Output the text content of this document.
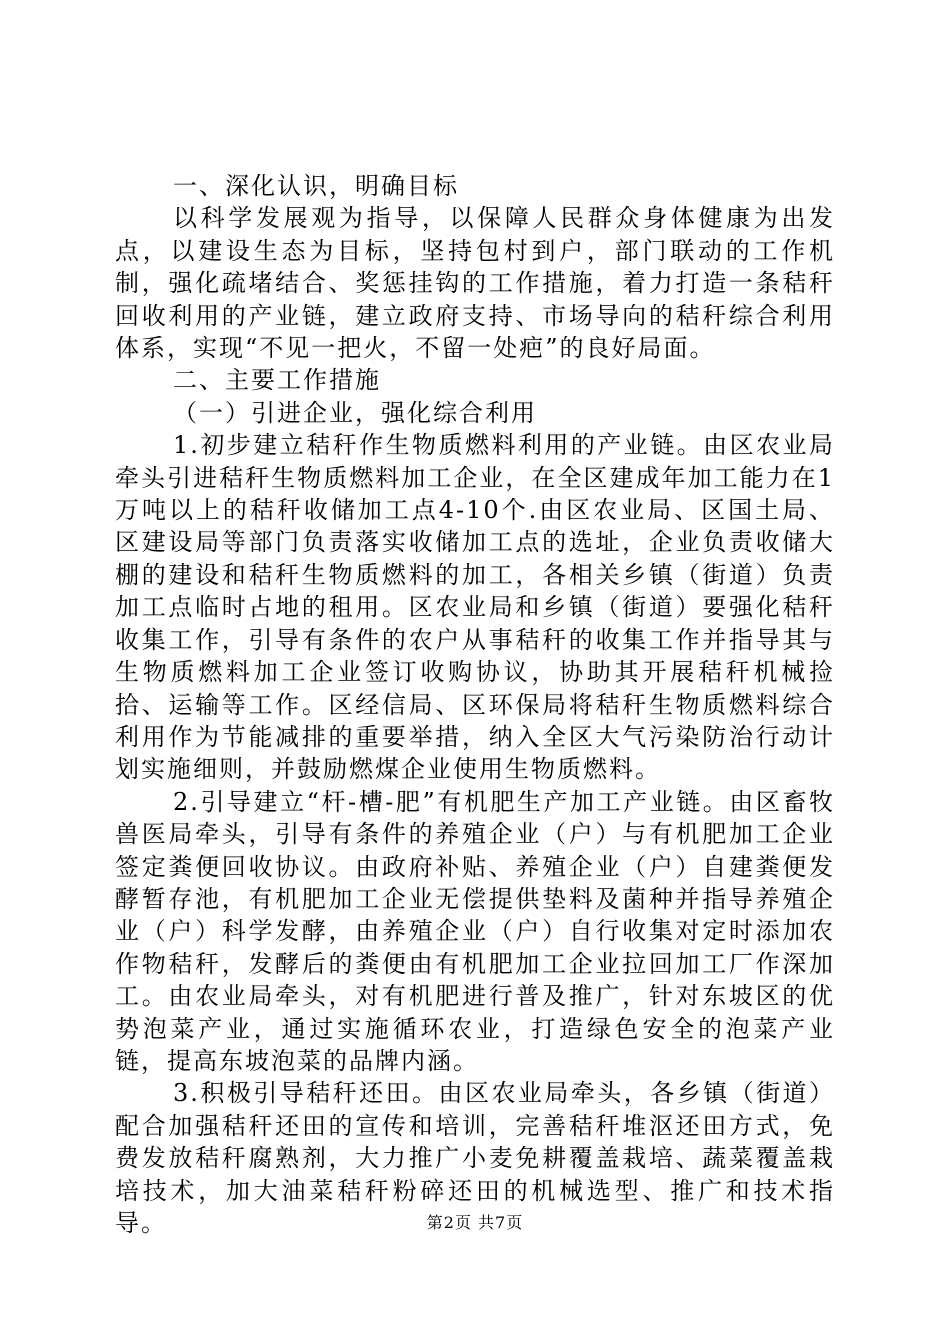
一、深化认识，明确目标

以科学发展观为指导，以保障人民群众身体健康为出发点，以建设生态为目标，坚持包村到户，部门联动的工作机制，强化疏堵结合、奖惩挂钩的工作措施，着力打造一条秸秆回收利用的产业链，建立政府支持、市场导向的秸秆综合利用体系，实现“不见一把火，不留一处疤”的良好局面。

二、主要工作措施

（一）引进企业，强化综合利用

1.初步建立秸秆作生物质燃料利用的产业链。由区农业局牵头引进秸秆生物质燃料加工企业，在全区建成年加工能力在1万吨以上的秸秆收储加工点4-10个.由区农业局、区国土局、区建设局等部门负责落实收储加工点的选址，企业负责收储大棚的建设和秸秆生物质燃料的加工，各相关乡镇（街道）负责加工点临时占地的租用。区农业局和乡镇（街道）要强化秸秆收集工作，引导有条件的农户从事秸秆的收集工作并指导其与生物质燃料加工企业签订收购协议，协助其开展秸秆机械捡拾、运输等工作。区经信局、区环保局将秸秆生物质燃料综合利用作为节能减排的重要举措，纳入全区大气污染防治行动计划实施细则，并鼓励燃煤企业使用生物质燃料。

2.引导建立“杆-槽-肥”有机肥生产加工产业链。由区畜牧兽医局牵头，引导有条件的养殖企业（户）与有机肥加工企业签定粪便回收协议。由政府补贴、养殖企业（户）自建粪便发酵暂存池，有机肥加工企业无偿提供垫料及菌种并指导养殖企业（户）科学发酵，由养殖企业（户）自行收集对定时添加农作物秸秆，发酵后的粪便由有机肥加工企业拉回加工厂作深加工。由农业局牵头，对有机肥进行普及推广，针对东坡区的优势泡菜产业，通过实施循环农业，打造绿色安全的泡菜产业链，提高东坡泡菜的品牌内涵。

3.积极引导秸秆还田。由区农业局牵头，各乡镇（街道）配合加强秸秆还田的宣传和培训，完善秸秆堆沤还田方式，免费发放秸秆腐熟剂，大力推广小麦免耕覆盖栽培、蔬菜覆盖栽培技术，加大油菜秸秆粉碎还田的机械选型、推广和技术指导。	第2页 共7页
